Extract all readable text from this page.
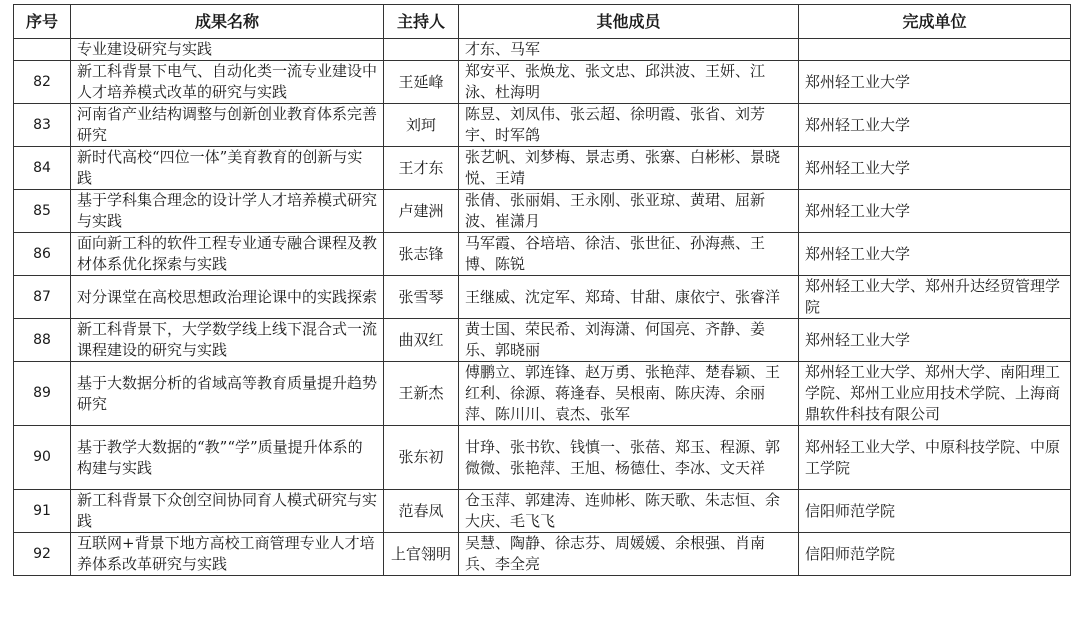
序号	成果名称	主持人	其他成员	完成单位
	专业建设研究与实践		才东、马军	
82	新工科背景下电气、自动化类一流专业建设中人才培养模式改革的研究与实践	王延峰	郑安平、张焕龙、张文忠、邱洪波、王妍、江泳、杜海明	郑州轻工业大学
83	河南省产业结构调整与创新创业教育体系完善研究	刘珂	陈昱、刘凤伟、张云超、徐明霞、张省、刘芳宇、时军鸽	郑州轻工业大学
84	新时代高校“四位一体”美育教育的创新与实践	王才东	张艺帆、刘梦梅、景志勇、张寨、白彬彬、景晓悦、王靖	郑州轻工业大学
85	基于学科集合理念的设计学人才培养模式研究与实践	卢建洲	张倩、张丽娟、王永刚、张亚琼、黄珺、屈新波、崔潇月	郑州轻工业大学
86	面向新工科的软件工程专业通专融合课程及教材体系优化探索与实践	张志锋	马军霞、谷培培、徐洁、张世征、孙海燕、王博、陈锐	郑州轻工业大学
87	对分课堂在高校思想政治理论课中的实践探索	张雪琴	王继威、沈定军、郑琦、甘甜、康依宁、张睿洋	郑州轻工业大学、郑州升达经贸管理学院
88	新工科背景下，大学数学线上线下混合式一流课程建设的研究与实践	曲双红	黄士国、荣民希、刘海潇、何国亮、齐静、姜乐、郭晓丽	郑州轻工业大学
89	基于大数据分析的省域高等教育质量提升趋势研究	王新杰	傅鹏立、郭连锋、赵万勇、张艳萍、楚春颖、王红利、徐源、蒋逢春、吴根南、陈庆涛、余丽萍、陈川川、袁杰、张军	郑州轻工业大学、郑州大学、南阳理工学院、郑州工业应用技术学院、上海商鼎软件科技有限公司
90	基于教学大数据的“教”“学”质量提升体系的构建与实践	张东初	甘琤、张书钦、钱慎一、张蓓、郑玉、程源、郭微微、张艳萍、王旭、杨德仕、李冰、文天祥	郑州轻工业大学、中原科技学院、中原工学院
91	新工科背景下众创空间协同育人模式研究与实践	范春凤	仓玉萍、郭建涛、连帅彬、陈天歌、朱志恒、余大庆、毛飞飞	信阳师范学院
92	互联网+背景下地方高校工商管理专业人才培养体系改革研究与实践	上官翎明	吴慧、陶静、徐志芬、周媛媛、余根强、肖南兵、李全亮	信阳师范学院
